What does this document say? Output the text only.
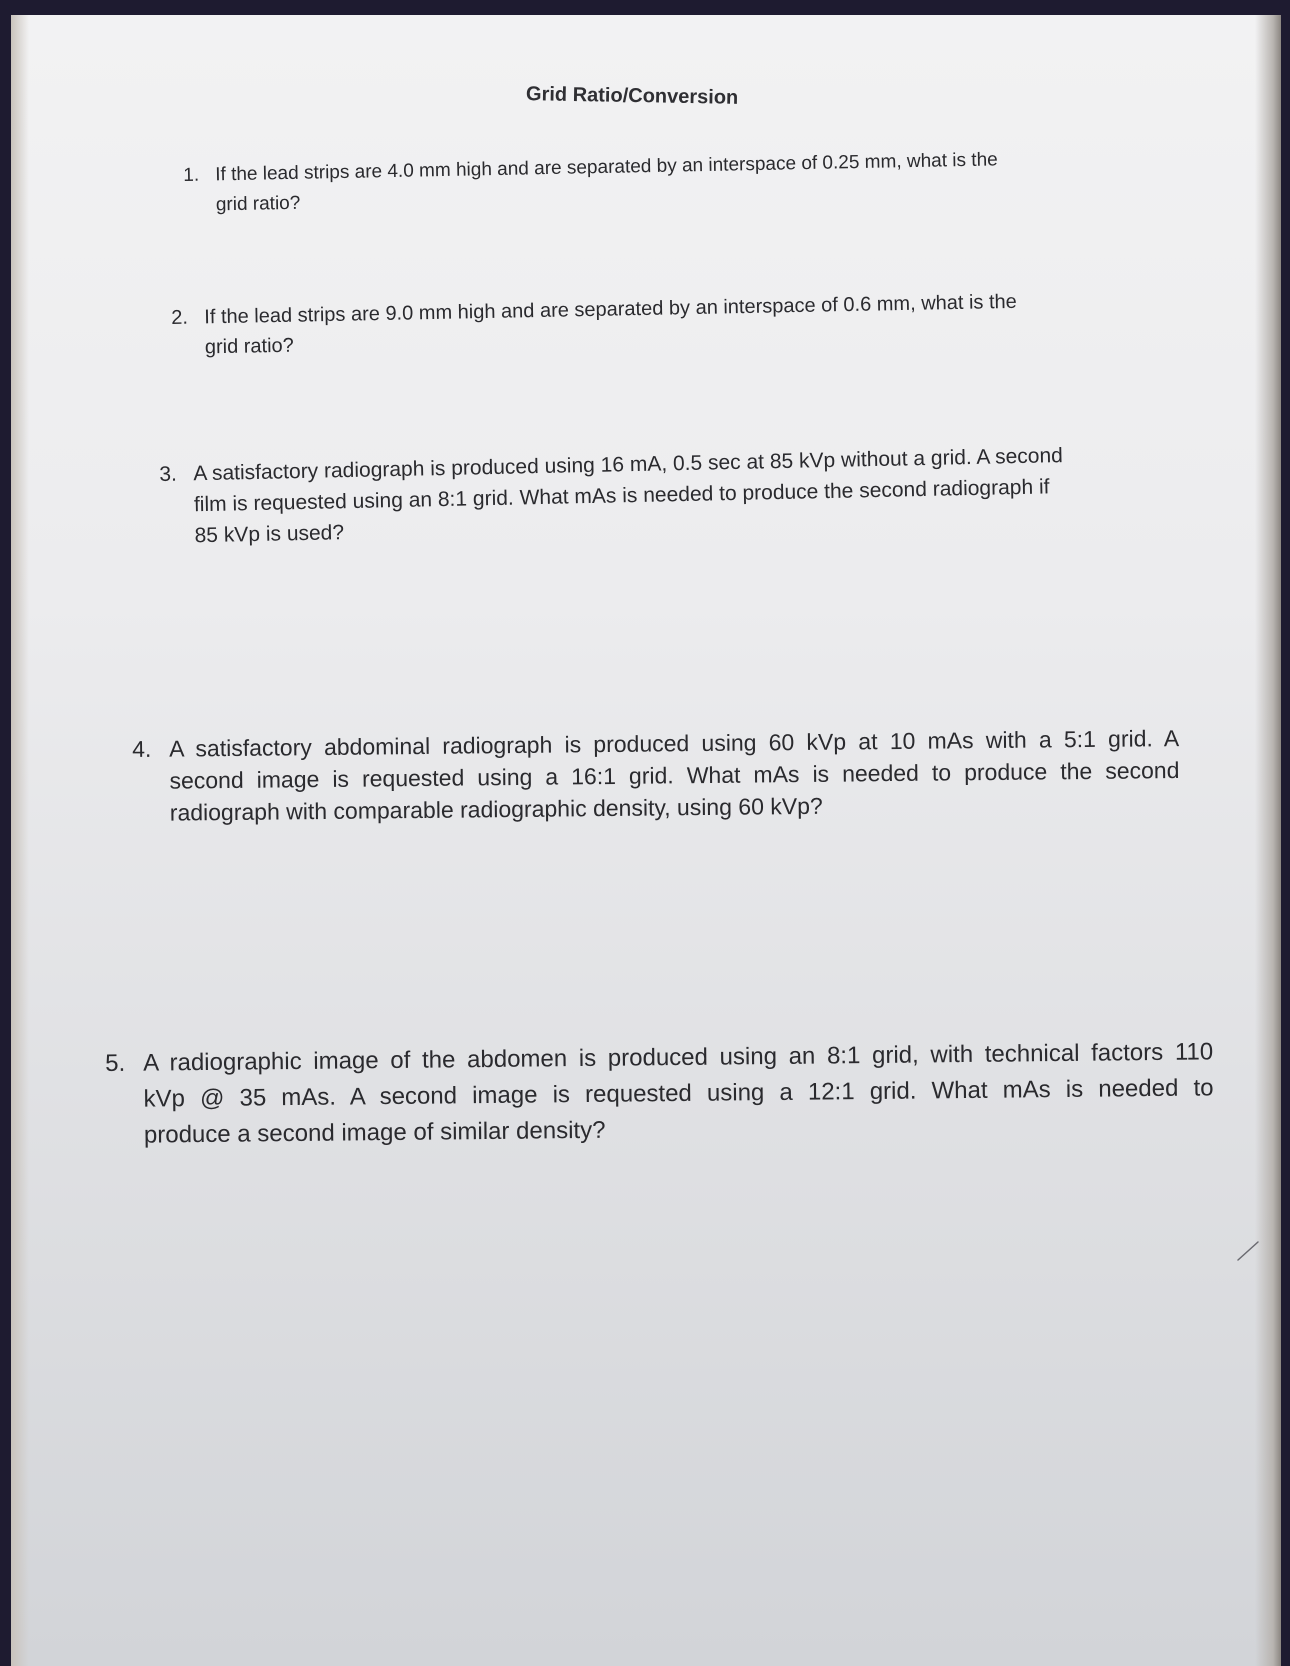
Grid Ratio/Conversion
1. If the lead strips are 4.0 mm high and are separated by an interspace of 0.25 mm, what is the
grid ratio?
2. If the lead strips are 9.0 mm high and are separated by an interspace of 0.6 mm, what is the
grid ratio?
3. A satisfactory radiograph is produced using 16 mA, 0.5 sec at 85 kVp without a grid. A second
film is requested using an 8:1 grid. What mAs is needed to produce the second radiograph if
85 kVp is used?
4. A satisfactory abdominal radiograph is produced using 60 kVp at 10 mAs with a 5:1 grid. A
second image is requested using a 16:1 grid. What mAs is needed to produce the second
radiograph with comparable radiographic density, using 60 kVp?
5. A radiographic image of the abdomen is produced using an 8:1 grid, with technical factors 110
kVp @ 35 mAs. A second image is requested using a 12:1 grid. What mAs is needed to
produce a second image of similar density?
